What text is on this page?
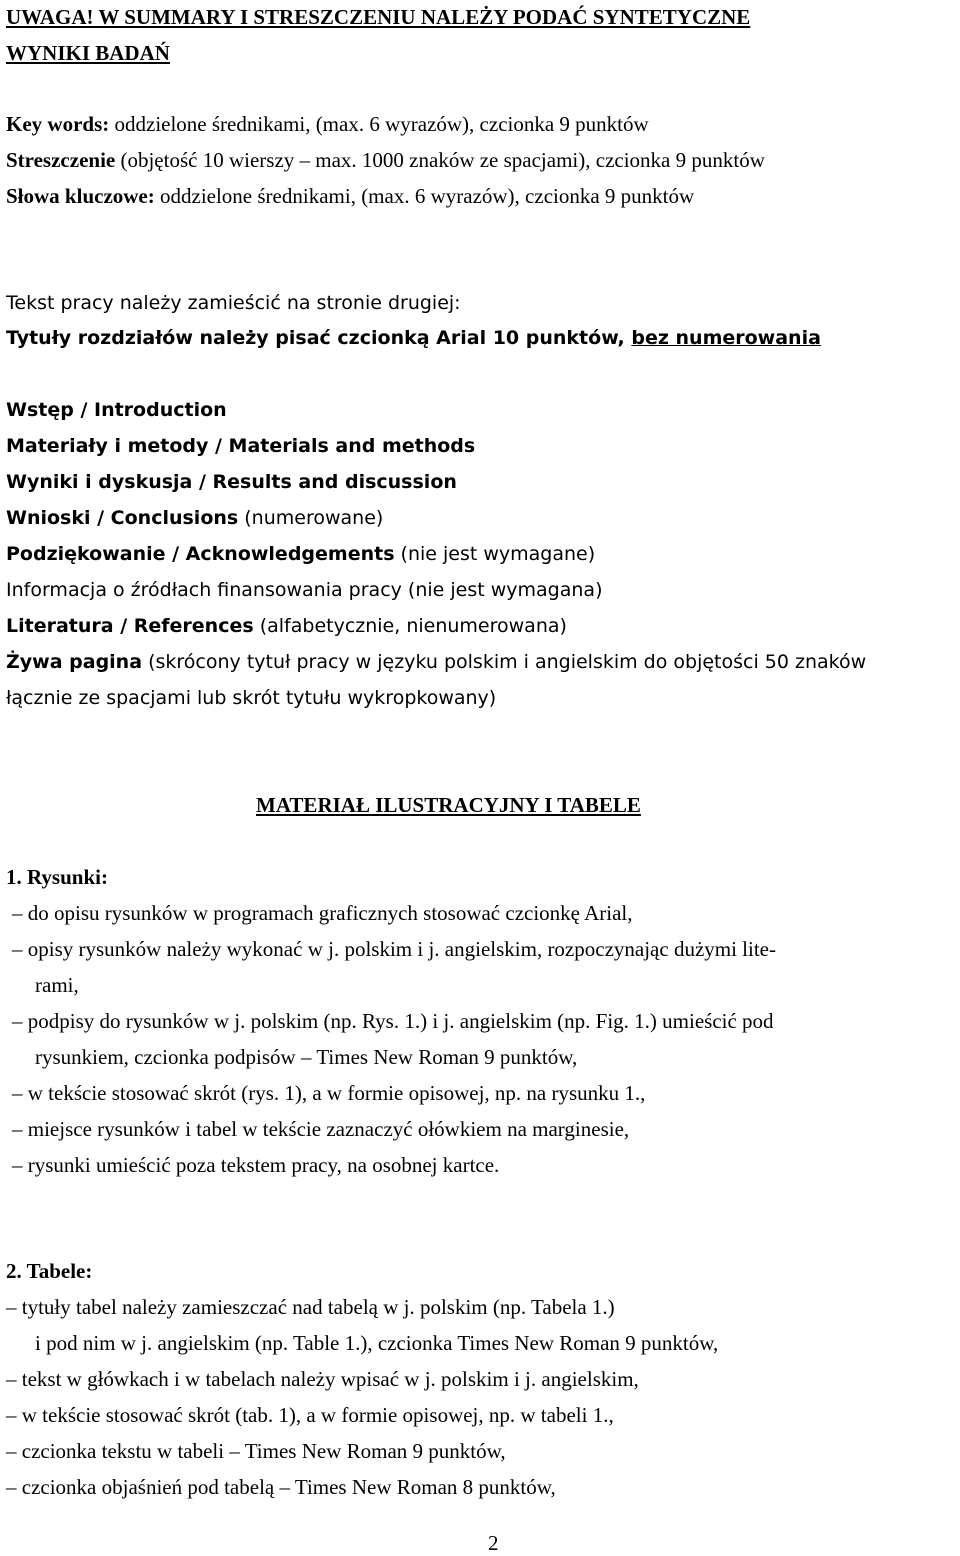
UWAGA! W SUMMARY I STRESZCZENIU NALEŻY PODAĆ SYNTETYCZNE
WYNIKI BADAŃ
Key words: oddzielone średnikami, (max. 6 wyrazów), czcionka 9 punktów
Streszczenie (objętość 10 wierszy – max. 1000 znaków ze spacjami), czcionka 9 punktów
Słowa kluczowe: oddzielone średnikami, (max. 6 wyrazów), czcionka 9 punktów
Tekst pracy należy zamieścić na stronie drugiej:
Tytuły rozdziałów należy pisać czcionką Arial 10 punktów, bez numerowania
Wstęp / Introduction
Materiały i metody / Materials and methods
Wyniki i dyskusja / Results and discussion
Wnioski / Conclusions (numerowane)
Podziękowanie / Acknowledgements (nie jest wymagane)
Informacja o źródłach finansowania pracy (nie jest wymagana)
Literatura / References (alfabetycznie, nienumerowana)
Żywa pagina (skrócony tytuł pracy w języku polskim i angielskim do objętości 50 znaków
łącznie ze spacjami lub skrót tytułu wykropkowany)
MATERIAŁ ILUSTRACYJNY I TABELE
1. Rysunki:
– do opisu rysunków w programach graficznych stosować czcionkę Arial,
– opisy rysunków należy wykonać w j. polskim i j. angielskim, rozpoczynając dużymi lite-
rami,
– podpisy do rysunków w j. polskim (np. Rys. 1.) i j. angielskim (np. Fig. 1.) umieścić pod
rysunkiem, czcionka podpisów – Times New Roman 9 punktów,
– w tekście stosować skrót (rys. 1), a w formie opisowej, np. na rysunku 1.,
– miejsce rysunków i tabel w tekście zaznaczyć ołówkiem na marginesie,
– rysunki umieścić poza tekstem pracy, na osobnej kartce.
2. Tabele:
– tytuły tabel należy zamieszczać nad tabelą w j. polskim (np. Tabela 1.)
i pod nim w j. angielskim (np. Table 1.), czcionka Times New Roman 9 punktów,
– tekst w główkach i w tabelach należy wpisać w j. polskim i j. angielskim,
– w tekście stosować skrót (tab. 1), a w formie opisowej, np. w tabeli 1.,
– czcionka tekstu w tabeli – Times New Roman 9 punktów,
– czcionka objaśnień pod tabelą – Times New Roman 8 punktów,
2
